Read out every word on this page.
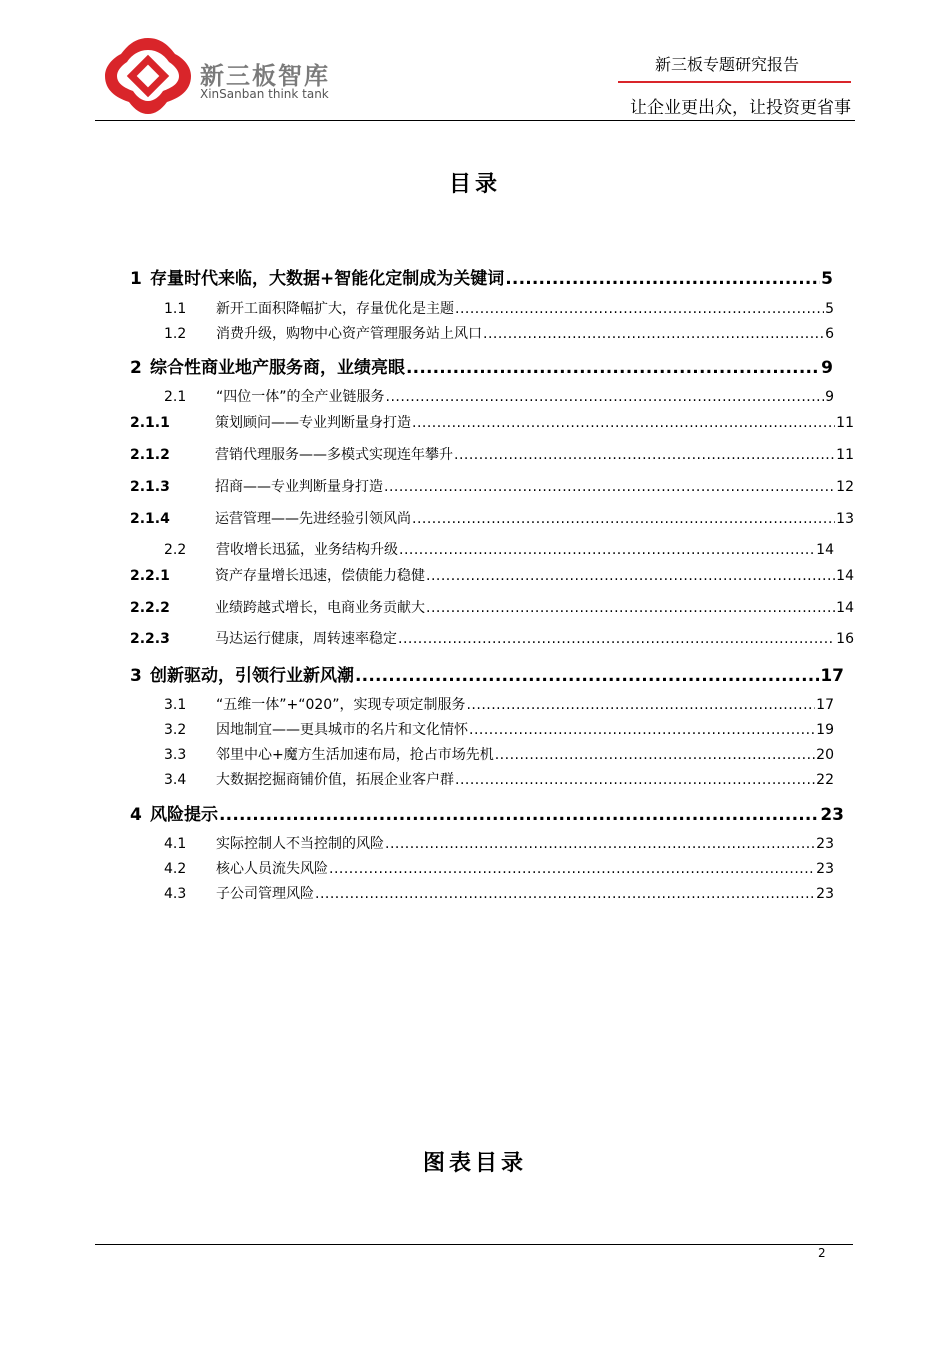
新三板智库
XinSanban think tank
新三板专题研究报告
让企业更出众，让投资更省事
目录
1 存量时代来临，大数据+智能化定制成为关键词 .....	5
1.1	新开工面积降幅扩大，存量优化是主题 .....	5
1.2	消费升级，购物中心资产管理服务站上风口 .....	6
2 综合性商业地产服务商，业绩亮眼 .....	9
2.1	“四位一体”的全产业链服务 .....	9
2.1.1	策划顾问——专业判断量身打造 .....	11
2.1.2	营销代理服务——多模式实现连年攀升 .....	11
2.1.3	招商——专业判断量身打造 .....	12
2.1.4	运营管理——先进经验引领风尚 .....	13
2.2	营收增长迅猛，业务结构升级 .....	14
2.2.1	资产存量增长迅速，偿债能力稳健 .....	14
2.2.2	业绩跨越式增长，电商业务贡献大 .....	14
2.2.3	马达运行健康，周转速率稳定 .....	16
3 创新驱动，引领行业新风潮 .....	17
3.1	“五维一体”+“020”，实现专项定制服务 .....	17
3.2	因地制宜——更具城市的名片和文化情怀 .....	19
3.3	邻里中心+魔方生活加速布局，抢占市场先机 .....	20
3.4	大数据挖掘商铺价值，拓展企业客户群 .....	22
4 风险提示 .....	23
4.1	实际控制人不当控制的风险 .....	23
4.2	核心人员流失风险 .....	23
4.3	子公司管理风险 .....	23
图表目录
2
